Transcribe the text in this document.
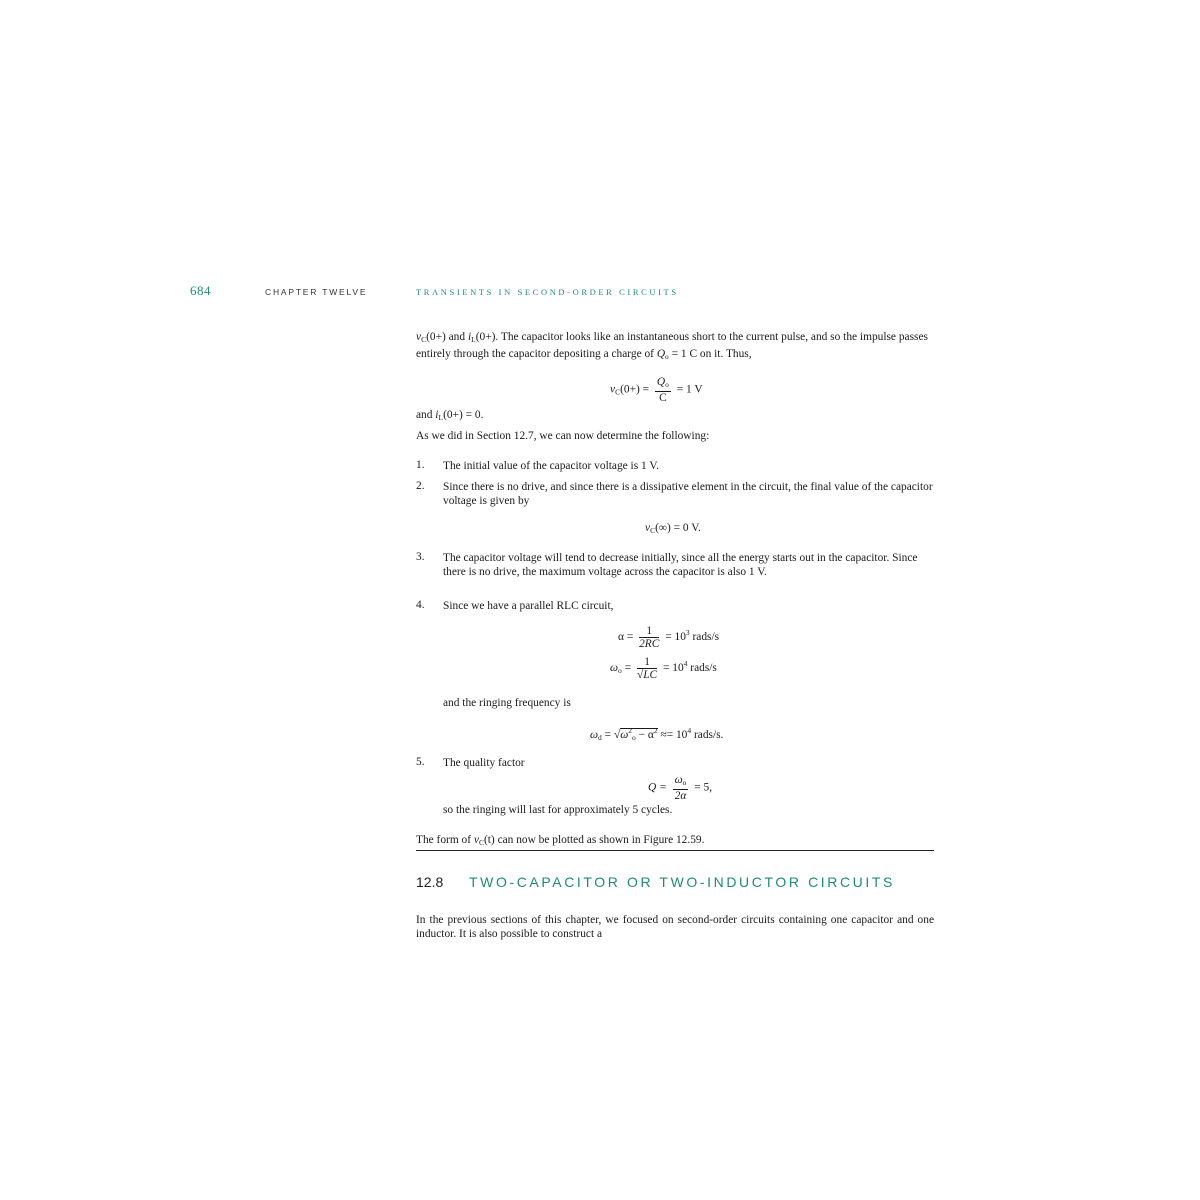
684	CHAPTER TWELVE	TRANSIENTS IN SECOND-ORDER CIRCUITS
$v_C(0+)$ and $i_L(0+)$. The capacitor looks like an instantaneous short to the current pulse, and so the impulse passes entirely through the capacitor depositing a charge of $Q_o = 1$ C on it. Thus,
$v_C(0+) = \frac{Q_o}{C} = 1$ V
and $i_L(0+) = 0$.
As we did in Section 12.7, we can now determine the following:
1. The initial value of the capacitor voltage is 1 V.
2. Since there is no drive, and since there is a dissipative element in the circuit, the final value of the capacitor voltage is given by
$v_C(\infty) = 0$ V.
3. The capacitor voltage will tend to decrease initially, since all the energy starts out in the capacitor. Since there is no drive, the maximum voltage across the capacitor is also 1 V.
4. Since we have a parallel RLC circuit,
$\alpha = \frac{1}{2RC} = 10^3$ rads/s
$\omega_o = \frac{1}{√LC} = 10^4$ rads/s
and the ringing frequency is
$\omega_d = √\omega^2_o - \alpha^2 \approx= 10^4$ rads/s.
5. The quality factor
$Q = \frac{\omega_o}{2\alpha} = 5$,
so the ringing will last for approximately 5 cycles.
The form of $v_C(t)$ can now be plotted as shown in Figure 12.59.
12.8 TWO-CAPACITOR OR TWO-INDUCTOR CIRCUITS
In the previous sections of this chapter, we focused on second-order circuits containing one capacitor and one inductor. It is also possible to construct a
